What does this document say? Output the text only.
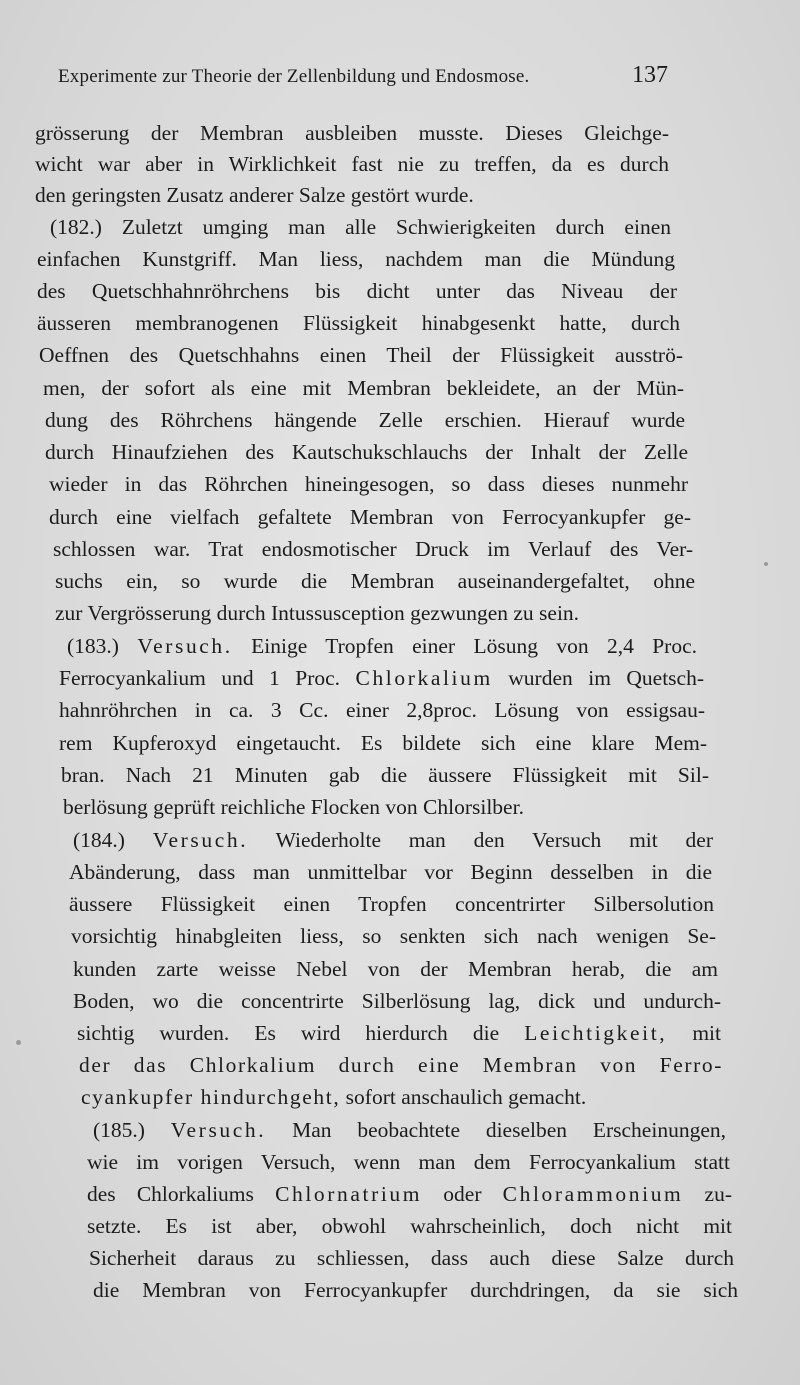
Experimente zur Theorie der Zellenbildung und Endosmose.	137
grösserung der Membran ausbleiben musste. Dieses Gleichge-
wicht war aber in Wirklichkeit fast nie zu treffen, da es durch
den geringsten Zusatz anderer Salze gestört wurde.
(182.) Zuletzt umging man alle Schwierigkeiten durch einen
einfachen Kunstgriff. Man liess, nachdem man die Mündung
des Quetschhahnröhrchens bis dicht unter das Niveau der
äusseren membranogenen Flüssigkeit hinabgesenkt hatte, durch
Oeffnen des Quetschhahns einen Theil der Flüssigkeit ausströ-
men, der sofort als eine mit Membran bekleidete, an der Mün-
dung des Röhrchens hängende Zelle erschien. Hierauf wurde
durch Hinaufziehen des Kautschukschlauchs der Inhalt der Zelle
wieder in das Röhrchen hineingesogen, so dass dieses nunmehr
durch eine vielfach gefaltete Membran von Ferrocyankupfer ge-
schlossen war. Trat endosmotischer Druck im Verlauf des Ver-
suchs ein, so wurde die Membran auseinandergefaltet, ohne
zur Vergrösserung durch Intussusception gezwungen zu sein.
(183.) Versuch. Einige Tropfen einer Lösung von 2,4 Proc.
Ferrocyankalium und 1 Proc. Chlorkalium wurden im Quetsch-
hahnröhrchen in ca. 3 Cc. einer 2,8proc. Lösung von essigsau-
rem Kupferoxyd eingetaucht. Es bildete sich eine klare Mem-
bran. Nach 21 Minuten gab die äussere Flüssigkeit mit Sil-
berlösung geprüft reichliche Flocken von Chlorsilber.
(184.) Versuch. Wiederholte man den Versuch mit der
Abänderung, dass man unmittelbar vor Beginn desselben in die
äussere Flüssigkeit einen Tropfen concentrirter Silbersolution
vorsichtig hinabgleiten liess, so senkten sich nach wenigen Se-
kunden zarte weisse Nebel von der Membran herab, die am
Boden, wo die concentrirte Silberlösung lag, dick und undurch-
sichtig wurden. Es wird hierdurch die Leichtigkeit, mit
der das Chlorkalium durch eine Membran von Ferro-
cyankupfer hindurchgeht, sofort anschaulich gemacht.
(185.) Versuch. Man beobachtete dieselben Erscheinungen,
wie im vorigen Versuch, wenn man dem Ferrocyankalium statt
des Chlorkaliums Chlornatrium oder Chlorammonium zu-
setzte. Es ist aber, obwohl wahrscheinlich, doch nicht mit
Sicherheit daraus zu schliessen, dass auch diese Salze durch
die Membran von Ferrocyankupfer durchdringen, da sie sich
